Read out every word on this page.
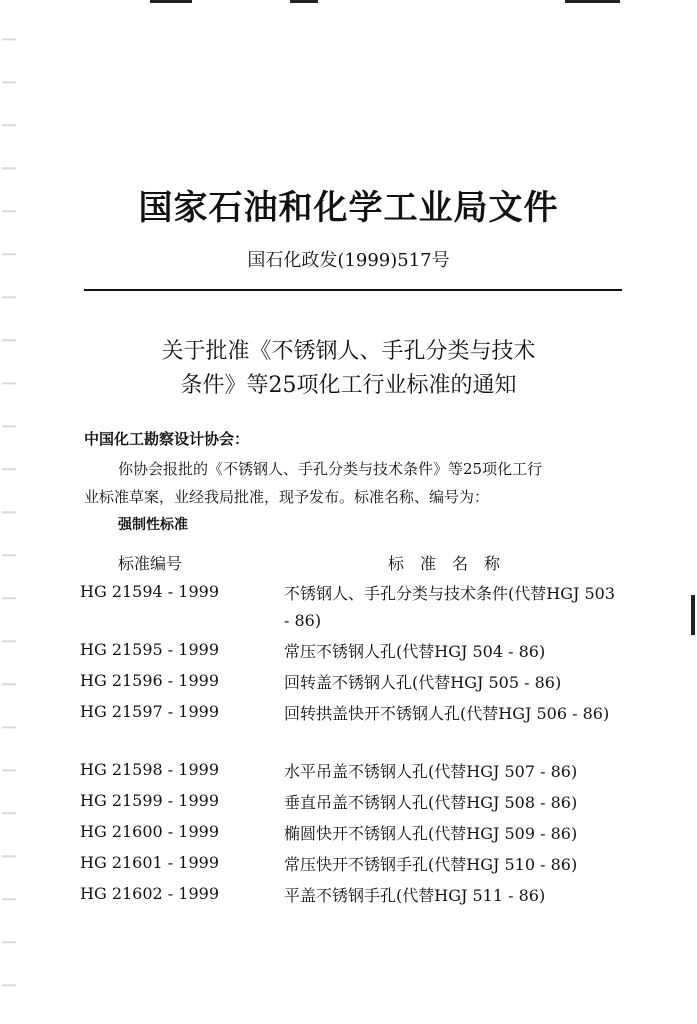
国家石油和化学工业局文件
国石化政发(1999)517号
关于批准《不锈钢人、手孔分类与技术
条件》等25项化工行业标准的通知
中国化工勘察设计协会：
你协会报批的《不锈钢人、手孔分类与技术条件》等25项化工行
业标准草案，业经我局批准，现予发布。标准名称、编号为：
强制性标准
标准编号	标准名称
HG 21594 - 1999	不锈钢人、手孔分类与技术条件(代替HGJ 503 - 86)
HG 21595 - 1999	常压不锈钢人孔(代替HGJ 504 - 86)
HG 21596 - 1999	回转盖不锈钢人孔(代替HGJ 505 - 86)
HG 21597 - 1999	回转拱盖快开不锈钢人孔(代替HGJ 506 - 86)
HG 21598 - 1999	水平吊盖不锈钢人孔(代替HGJ 507 - 86)
HG 21599 - 1999	垂直吊盖不锈钢人孔(代替HGJ 508 - 86)
HG 21600 - 1999	椭圆快开不锈钢人孔(代替HGJ 509 - 86)
HG 21601 - 1999	常压快开不锈钢手孔(代替HGJ 510 - 86)
HG 21602 - 1999	平盖不锈钢手孔(代替HGJ 511 - 86)
